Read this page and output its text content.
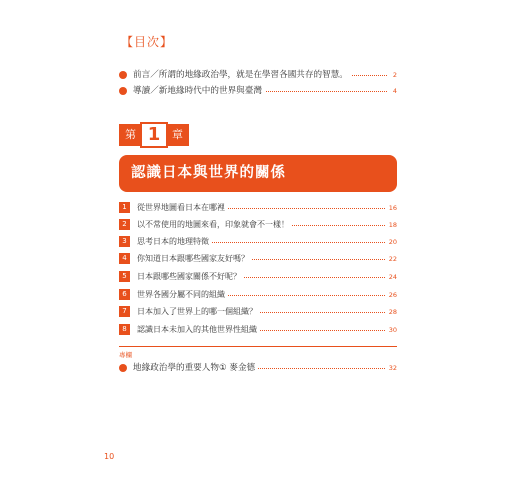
【目次】
前言／所謂的地緣政治學，就是在學習各國共存的智慧。	2
導讀／新地緣時代中的世界與臺灣	4
第 1	章
認識日本與世界的關係
1	從世界地圖看日本在哪裡	16
2	以不常使用的地圖來看，印象就會不一樣！	18
3	思考日本的地理特徵	20
4	你知道日本跟哪些國家友好嗎？	22
5	日本跟哪些國家關係不好呢？	24
6	世界各國分屬不同的組織	26
7	日本加入了世界上的哪一個組織？	28
8	認識日本未加入的其他世界性組織	30
專欄
地緣政治學的重要人物① 麥金德	32
10
